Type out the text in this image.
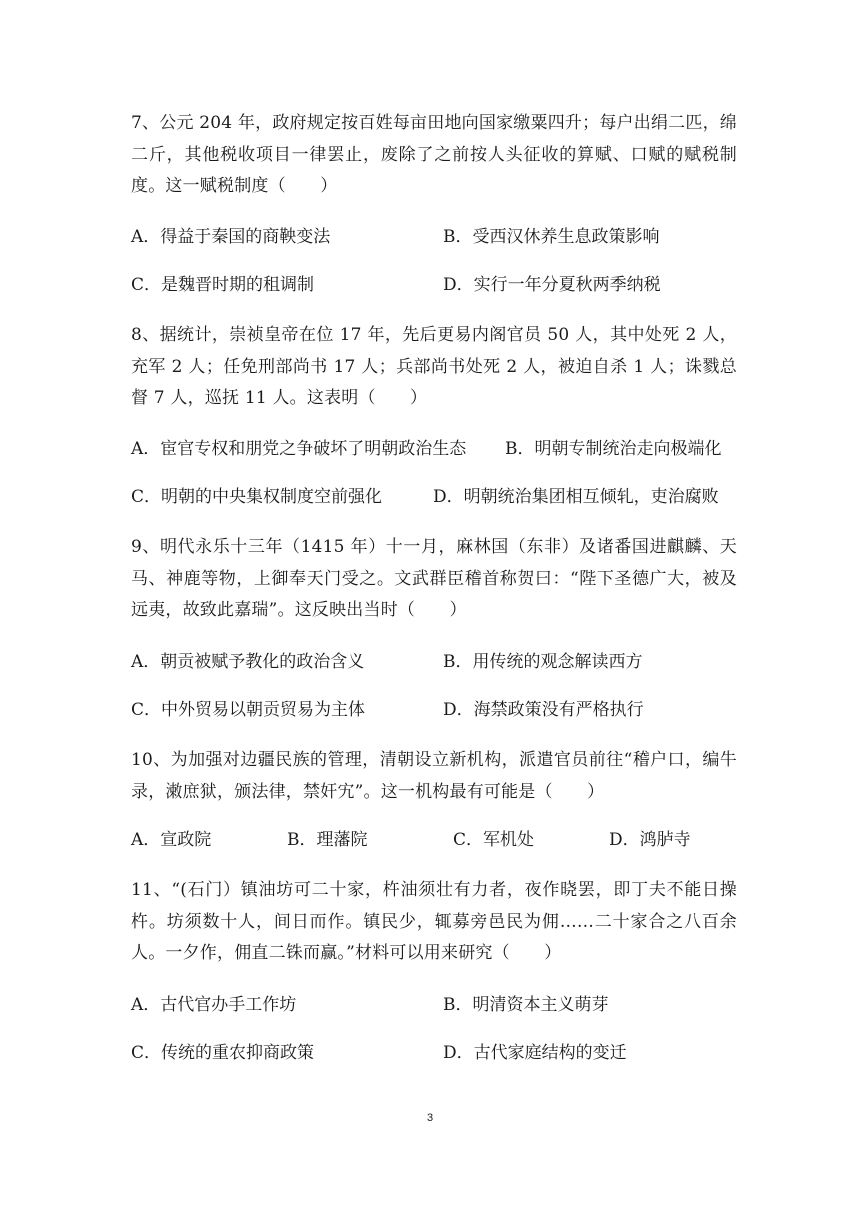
7、公元 204 年，政府规定按百姓每亩田地向国家缴粟四升；每户出绢二匹，绵二斤，其他税收项目一律罢止，废除了之前按人头征收的算赋、口赋的赋税制度。这一赋税制度（　　）
A．得益于秦国的商鞅变法	B．受西汉休养生息政策影响
C．是魏晋时期的租调制	D．实行一年分夏秋两季纳税
8、据统计，崇祯皇帝在位 17 年，先后更易内阁官员 50 人，其中处死 2 人，充军 2 人；任免刑部尚书 17 人；兵部尚书处死 2 人，被迫自杀 1 人；诛戮总督 7 人，巡抚 11 人。这表明（　　）
A．宦官专权和朋党之争破坏了明朝政治生态 B．明朝专制统治走向极端化
C．明朝的中央集权制度空前强化	D．明朝统治集团相互倾轧，吏治腐败
9、明代永乐十三年（1415 年）十一月，麻林国（东非）及诸番国进麒麟、天马、神鹿等物，上御奉天门受之。文武群臣稽首称贺曰：“陛下圣德广大，被及远夷，故致此嘉瑞”。这反映出当时（　　）
A．朝贡被赋予教化的政治含义	B．用传统的观念解读西方
C．中外贸易以朝贡贸易为主体	D．海禁政策没有严格执行
10、为加强对边疆民族的管理，清朝设立新机构，派遣官员前往“稽户口，编牛录，潄庶狱，颁法律，禁奸宄”。这一机构最有可能是（　　）
A．宣政院	B．理藩院	C．军机处	D．鸿胪寺
11、“(石门）镇油坊可二十家，杵油须壮有力者，夜作晓罢，即丁夫不能日操杵。坊须数十人，间日而作。镇民少，辄募旁邑民为佣……二十家合之八百余人。一夕作，佣直二铢而赢。”材料可以用来研究（　　）
A．古代官办手工作坊	B．明清资本主义萌芽
C．传统的重农抑商政策	D．古代家庭结构的变迁
3
